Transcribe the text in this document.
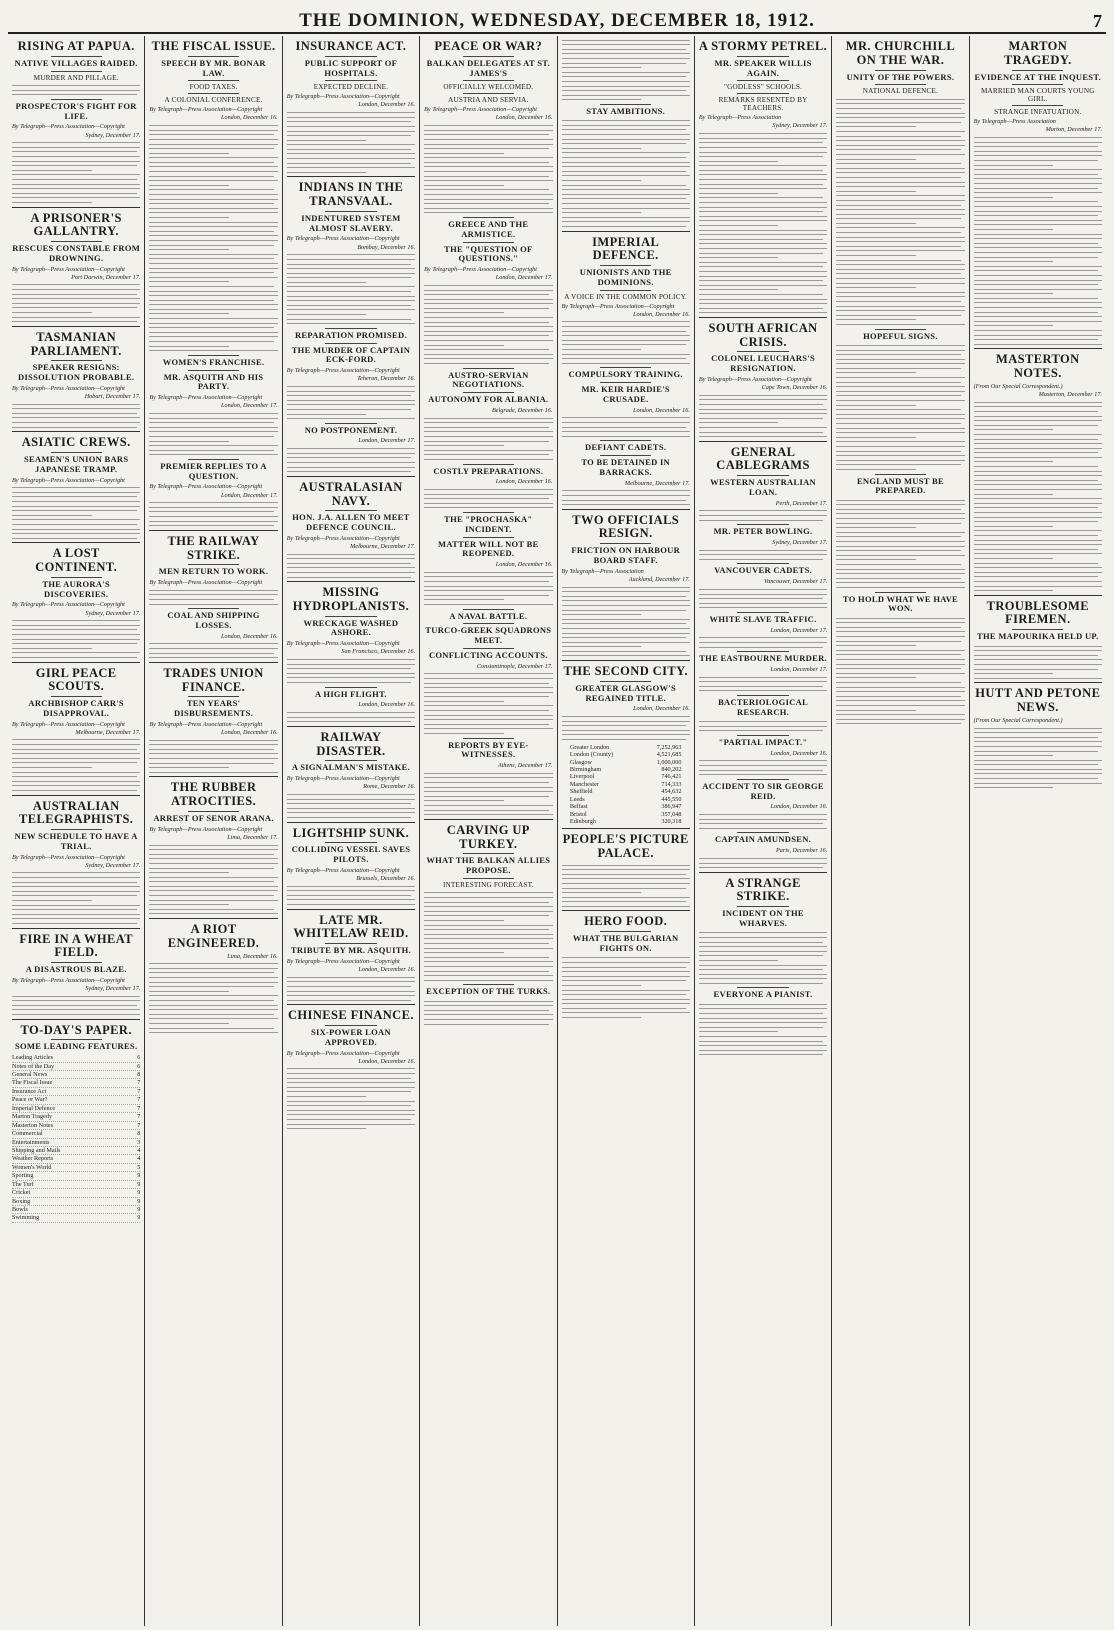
THE DOMINION, WEDNESDAY, DECEMBER 18, 1912.	7
RISING AT PAPUA.
NATIVE VILLAGES RAIDED.
MURDER AND PILLAGE.
PROSPECTOR'S FIGHT FOR LIFE.
By Telegraph—Press Association—Copyright
Sydney, December 17.
A PRISONER'S GALLANTRY.
RESCUES CONSTABLE FROM DROWNING.
By Telegraph—Press Association—Copyright
Port Darwin, December 17.
TASMANIAN PARLIAMENT.
SPEAKER RESIGNS: DISSOLUTION PROBABLE.
By Telegraph—Press Association—Copyright
Hobart, December 17.
ASIATIC CREWS.
SEAMEN'S UNION BARS JAPANESE TRAMP.
By Telegraph—Press Association—Copyright
A LOST CONTINENT.
THE AURORA'S DISCOVERIES.
By Telegraph—Press Association—Copyright
Sydney, December 17.
GIRL PEACE SCOUTS.
ARCHBISHOP CARR'S DISAPPROVAL.
By Telegraph—Press Association—Copyright
Melbourne, December 17.
AUSTRALIAN TELEGRAPHISTS.
NEW SCHEDULE TO HAVE A TRIAL.
By Telegraph—Press Association—Copyright
Sydney, December 17.
FIRE IN A WHEAT FIELD.
A DISASTROUS BLAZE.
By Telegraph—Press Association—Copyright
Sydney, December 17.
TO-DAY'S PAPER.
SOME LEADING FEATURES.
Leading Articles	6
Notes of the Day	6
General News	8
The Fiscal Issue	7
Insurance Act	7
Peace or War?	7
Imperial Defence	7
Marton Tragedy	7
Masterton Notes	7
Commercial	8
Entertainments	3
Shipping and Mails	4
Weather Reports	4
Women's World	5
Sporting	9
The Turf	9
Cricket	9
Boxing	9
Bowls	9
Swimming	9
THE FISCAL ISSUE.
SPEECH BY MR. BONAR LAW.
FOOD TAXES.
A COLONIAL CONFERENCE.
By Telegraph—Press Association—Copyright
London, December 16.
WOMEN'S FRANCHISE.
MR. ASQUITH AND HIS PARTY.
By Telegraph—Press Association—Copyright
London, December 17.
PREMIER REPLIES TO A QUESTION.
By Telegraph—Press Association—Copyright
London, December 17.
THE RAILWAY STRIKE.
MEN RETURN TO WORK.
By Telegraph—Press Association—Copyright
COAL AND SHIPPING LOSSES.
London, December 16.
TRADES UNION FINANCE.
TEN YEARS' DISBURSEMENTS.
By Telegraph—Press Association—Copyright
London, December 16.
THE RUBBER ATROCITIES.
ARREST OF SENOR ARANA.
By Telegraph—Press Association—Copyright
Lima, December 17.
A RIOT ENGINEERED.
Lima, December 16.
INSURANCE ACT.
PUBLIC SUPPORT OF HOSPITALS.
EXPECTED DECLINE.
By Telegraph—Press Association—Copyright
London, December 16.
INDIANS IN THE TRANSVAAL.
INDENTURED SYSTEM ALMOST SLAVERY.
By Telegraph—Press Association—Copyright
Bombay, December 16.
REPARATION PROMISED.
THE MURDER OF CAPTAIN ECK-FORD.
By Telegraph—Press Association—Copyright
Teheran, December 16.
NO POSTPONEMENT.
London, December 17.
AUSTRALASIAN NAVY.
HON. J.A. ALLEN TO MEET DEFENCE COUNCIL.
By Telegraph—Press Association—Copyright
Melbourne, December 17.
MISSING HYDROPLANISTS.
WRECKAGE WASHED ASHORE.
By Telegraph—Press Association—Copyright
San Francisco, December 16.
A HIGH FLIGHT.
London, December 16.
RAILWAY DISASTER.
A SIGNALMAN'S MISTAKE.
By Telegraph—Press Association—Copyright
Rome, December 16.
LIGHTSHIP SUNK.
COLLIDING VESSEL SAVES PILOTS.
By Telegraph—Press Association—Copyright
Brussels, December 16.
LATE MR. WHITELAW REID.
TRIBUTE BY MR. ASQUITH.
By Telegraph—Press Association—Copyright
London, December 16.
CHINESE FINANCE.
SIX-POWER LOAN APPROVED.
By Telegraph—Press Association—Copyright
London, December 16.
PEACE OR WAR?
BALKAN DELEGATES AT ST. JAMES'S
OFFICIALLY WELCOMED.
AUSTRIA AND SERVIA.
By Telegraph—Press Association—Copyright
London, December 16.
GREECE AND THE ARMISTICE.
THE "QUESTION OF QUESTIONS."
By Telegraph—Press Association—Copyright
London, December 17.
AUSTRO-SERVIAN NEGOTIATIONS.
AUTONOMY FOR ALBANIA.
Belgrade, December 16.
COSTLY PREPARATIONS.
London, December 16.
THE "PROCHASKA" INCIDENT.
MATTER WILL NOT BE REOPENED.
London, December 16.
A NAVAL BATTLE.
TURCO-GREEK SQUADRONS MEET.
CONFLICTING ACCOUNTS.
Constantinople, December 17.
REPORTS BY EYE-WITNESSES.
Athens, December 17.
CARVING UP TURKEY.
WHAT THE BALKAN ALLIES PROPOSE.
INTERESTING FORECAST.
EXCEPTION OF THE TURKS.
STAY AMBITIONS.
IMPERIAL DEFENCE.
UNIONISTS AND THE DOMINIONS.
A VOICE IN THE COMMON POLICY.
By Telegraph—Press Association—Copyright
London, December 16.
COMPULSORY TRAINING.
MR. KEIR HARDIE'S CRUSADE.
London, December 16.
DEFIANT CADETS.
TO BE DETAINED IN BARRACKS.
Melbourne, December 17.
TWO OFFICIALS RESIGN.
FRICTION ON HARBOUR BOARD STAFF.
By Telegraph—Press Association
Auckland, December 17.
THE SECOND CITY.
GREATER GLASGOW'S REGAINED TITLE.
London, December 16.
Greater London	7,252,963
London (County)	4,521,685
Glasgow	1,000,000
Birmingham	840,202
Liverpool	746,421
Manchester	714,333
Sheffield	454,632
Leeds	445,550
Belfast	386,947
Bristol	357,048
Edinburgh	320,318
PEOPLE'S PICTURE PALACE.
HERO FOOD.
WHAT THE BULGARIAN FIGHTS ON.
A STORMY PETREL.
MR. SPEAKER WILLIS AGAIN.
"GODLESS" SCHOOLS.
REMARKS RESENTED BY TEACHERS.
By Telegraph—Press Association
Sydney, December 17.
SOUTH AFRICAN CRISIS.
COLONEL LEUCHARS'S RESIGNATION.
By Telegraph—Press Association—Copyright
Cape Town, December 16.
GENERAL CABLEGRAMS
WESTERN AUSTRALIAN LOAN.
Perth, December 17.
MR. PETER BOWLING.
Sydney, December 17.
VANCOUVER CADETS.
Vancouver, December 17.
WHITE SLAVE TRAFFIC.
London, December 17.
THE EASTBOURNE MURDER.
London, December 17.
BACTERIOLOGICAL RESEARCH.
"PARTIAL IMPACT."
London, December 16.
ACCIDENT TO SIR GEORGE REID.
London, December 16.
CAPTAIN AMUNDSEN.
Paris, December 16.
A STRANGE STRIKE.
INCIDENT ON THE WHARVES.
EVERYONE A PIANIST.
MR. CHURCHILL ON THE WAR.
UNITY OF THE POWERS.
NATIONAL DEFENCE.
HOPEFUL SIGNS.
ENGLAND MUST BE PREPARED.
TO HOLD WHAT WE HAVE WON.
MARTON TRAGEDY.
EVIDENCE AT THE INQUEST.
MARRIED MAN COURTS YOUNG GIRL.
STRANGE INFATUATION.
By Telegraph—Press Association
Marton, December 17.
MASTERTON NOTES.
(From Our Special Correspondent.)
Masterton, December 17.
TROUBLESOME FIREMEN.
THE MAPOURIKA HELD UP.
HUTT AND PETONE NEWS.
(From Our Special Correspondent.)
